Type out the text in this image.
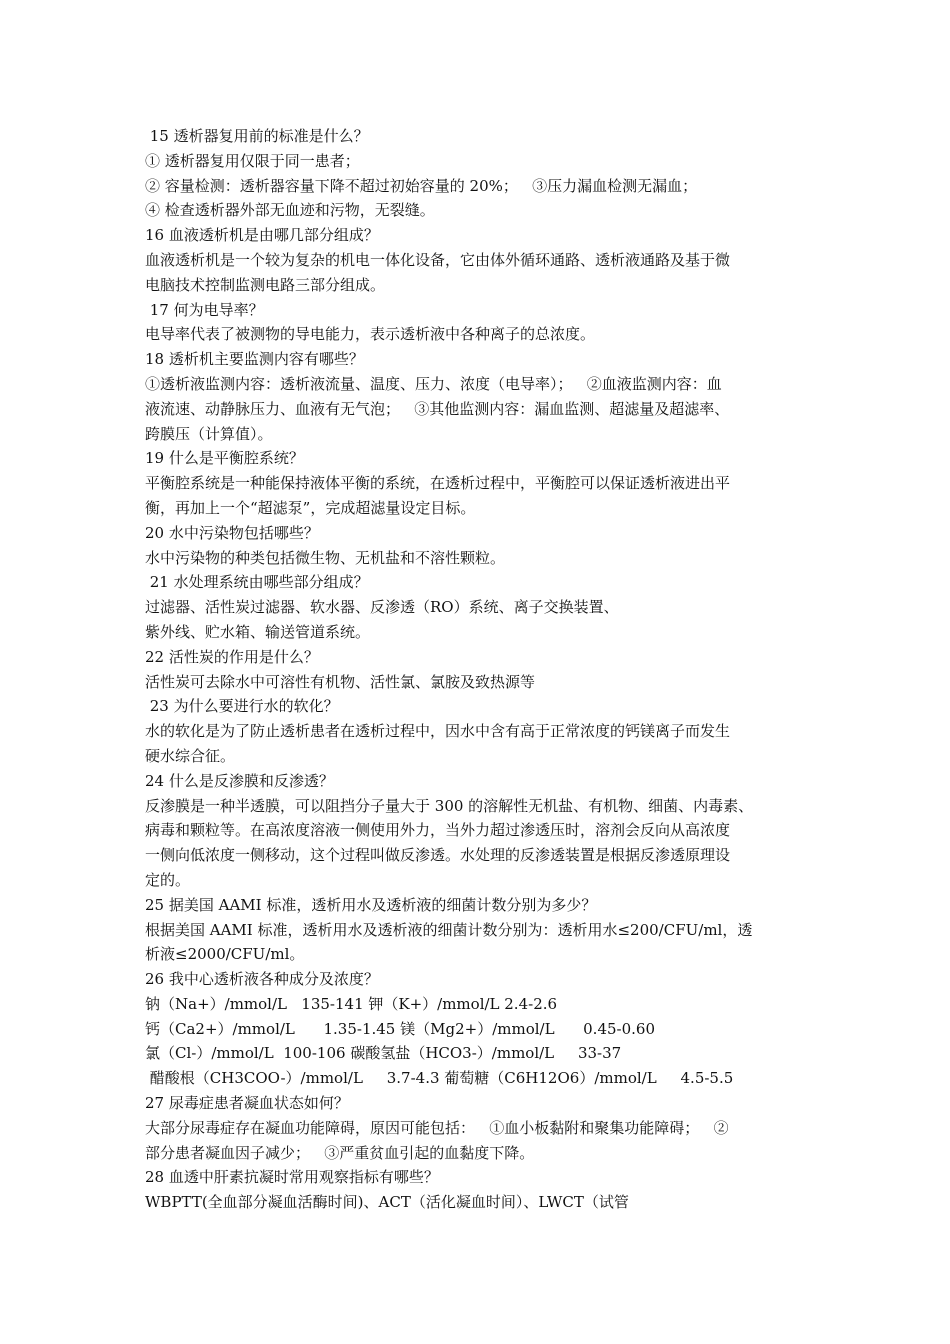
15 透析器复用前的标准是什么？
① 透析器复用仅限于同一患者；
② 容量检测：透析器容量下降不超过初始容量的 20%；   ③压力漏血检测无漏血；
④ 检查透析器外部无血迹和污物，无裂缝。
16 血液透析机是由哪几部分组成？
血液透析机是一个较为复杂的机电一体化设备，它由体外循环通路、透析液通路及基于微
电脑技术控制监测电路三部分组成。
17 何为电导率？
电导率代表了被测物的导电能力，表示透析液中各种离子的总浓度。
18 透析机主要监测内容有哪些？
①透析液监测内容：透析液流量、温度、压力、浓度（电导率）；   ②血液监测内容：血
液流速、动静脉压力、血液有无气泡；   ③其他监测内容：漏血监测、超滤量及超滤率、
跨膜压（计算值）。
19 什么是平衡腔系统？
平衡腔系统是一种能保持液体平衡的系统，在透析过程中，平衡腔可以保证透析液进出平
衡，再加上一个“超滤泵”，完成超滤量设定目标。
20 水中污染物包括哪些？
水中污染物的种类包括微生物、无机盐和不溶性颗粒。
21 水处理系统由哪些部分组成？
过滤器、活性炭过滤器、软水器、反渗透（RO）系统、离子交换装置、
紫外线、贮水箱、输送管道系统。
22 活性炭的作用是什么？
活性炭可去除水中可溶性有机物、活性氯、氯胺及致热源等
23 为什么要进行水的软化？
水的软化是为了防止透析患者在透析过程中，因水中含有高于正常浓度的钙镁离子而发生
硬水综合征。
24 什么是反渗膜和反渗透？
反渗膜是一种半透膜，可以阻挡分子量大于 300 的溶解性无机盐、有机物、细菌、内毒素、
病毒和颗粒等。在高浓度溶液一侧使用外力，当外力超过渗透压时，溶剂会反向从高浓度
一侧向低浓度一侧移动，这个过程叫做反渗透。水处理的反渗透装置是根据反渗透原理设
定的。
25 据美国 AAMI 标准，透析用水及透析液的细菌计数分别为多少？
根据美国 AAMI 标准，透析用水及透析液的细菌计数分别为：透析用水≤200/CFU/ml，透
析液≤2000/CFU/ml。
26 我中心透析液各种成分及浓度？
钠（Na+）/mmol/L   135-141 钾（K+）/mmol/L 2.4-2.6
钙（Ca2+）/mmol/L      1.35-1.45 镁（Mg2+）/mmol/L      0.45-0.60
氯（Cl-）/mmol/L  100-106 碳酸氢盐（HCO3-）/mmol/L     33-37
醋酸根（CH3COO-）/mmol/L     3.7-4.3 葡萄糖（C6H12O6）/mmol/L     4.5-5.5
27 尿毒症患者凝血状态如何？
大部分尿毒症存在凝血功能障碍，原因可能包括：   ①血小板黏附和聚集功能障碍；   ②
部分患者凝血因子减少；   ③严重贫血引起的血黏度下降。
28 血透中肝素抗凝时常用观察指标有哪些？
WBPTT(全血部分凝血活酶时间)、ACT（活化凝血时间）、LWCT（试管
